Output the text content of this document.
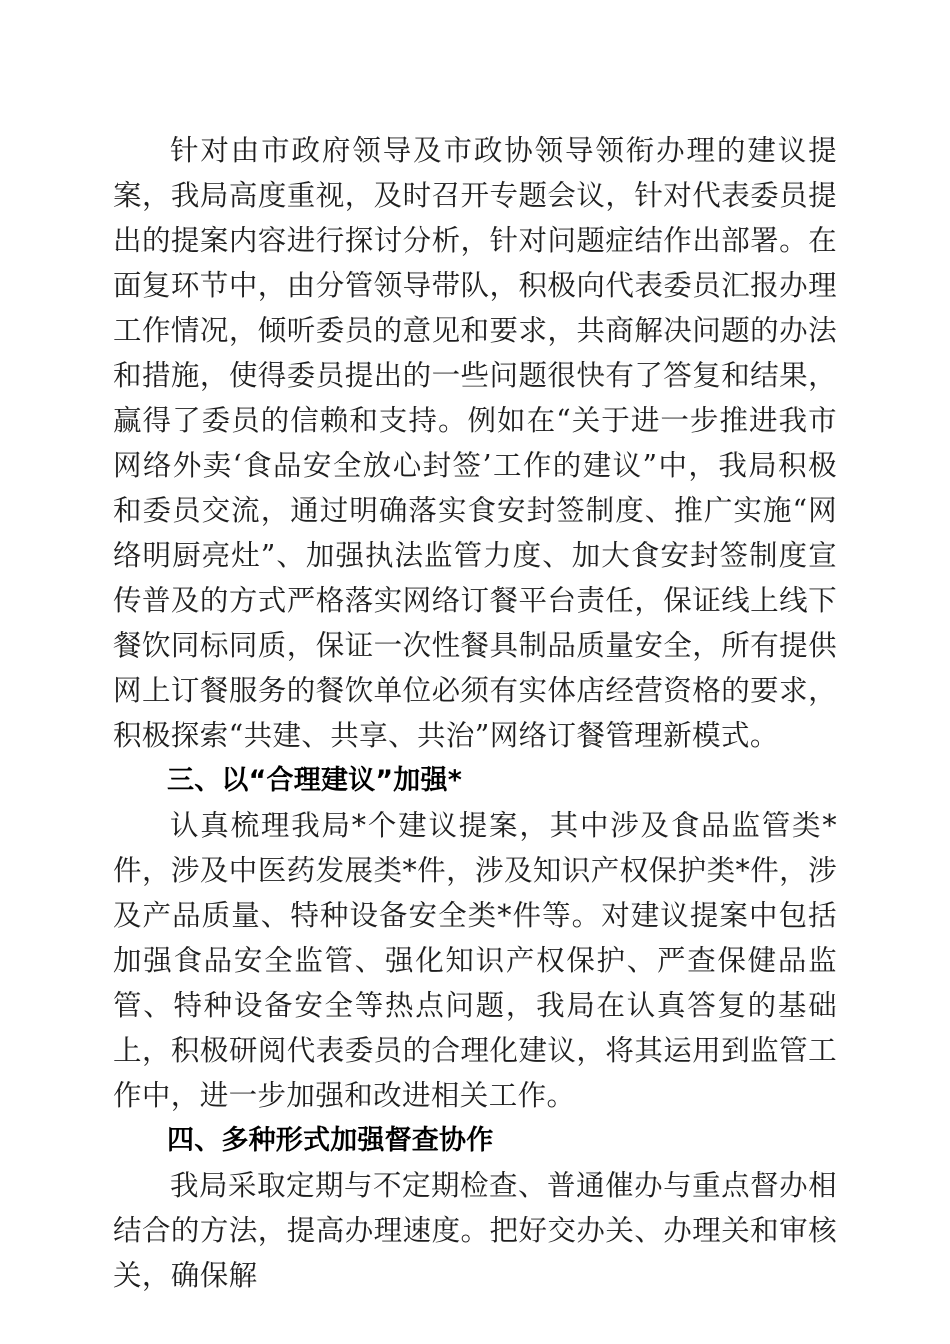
针对由市政府领导及市政协领导领衔办理的建议提案，我局高度重视，及时召开专题会议，针对代表委员提出的提案内容进行探讨分析，针对问题症结作出部署。在面复环节中，由分管领导带队，积极向代表委员汇报办理工作情况，倾听委员的意见和要求，共商解决问题的办法和措施，使得委员提出的一些问题很快有了答复和结果，赢得了委员的信赖和支持。例如在“关于进一步推进我市网络外卖‘食品安全放心封签’工作的建议”中，我局积极和委员交流，通过明确落实食安封签制度、推广实施“网络明厨亮灶”、加强执法监管力度、加大食安封签制度宣传普及的方式严格落实网络订餐平台责任，保证线上线下餐饮同标同质，保证一次性餐具制品质量安全，所有提供网上订餐服务的餐饮单位必须有实体店经营资格的要求，积极探索“共建、共享、共治”网络订餐管理新模式。

三、以“合理建议”加强*

认真梳理我局*个建议提案，其中涉及食品监管类*件，涉及中医药发展类*件，涉及知识产权保护类*件，涉及产品质量、特种设备安全类*件等。对建议提案中包括加强食品安全监管、强化知识产权保护、严查保健品监管、特种设备安全等热点问题，我局在认真答复的基础上，积极研阅代表委员的合理化建议，将其运用到监管工作中，进一步加强和改进相关工作。

四、多种形式加强督查协作

我局采取定期与不定期检查、普通催办与重点督办相结合的方法，提高办理速度。把好交办关、办理关和审核关，确保解
